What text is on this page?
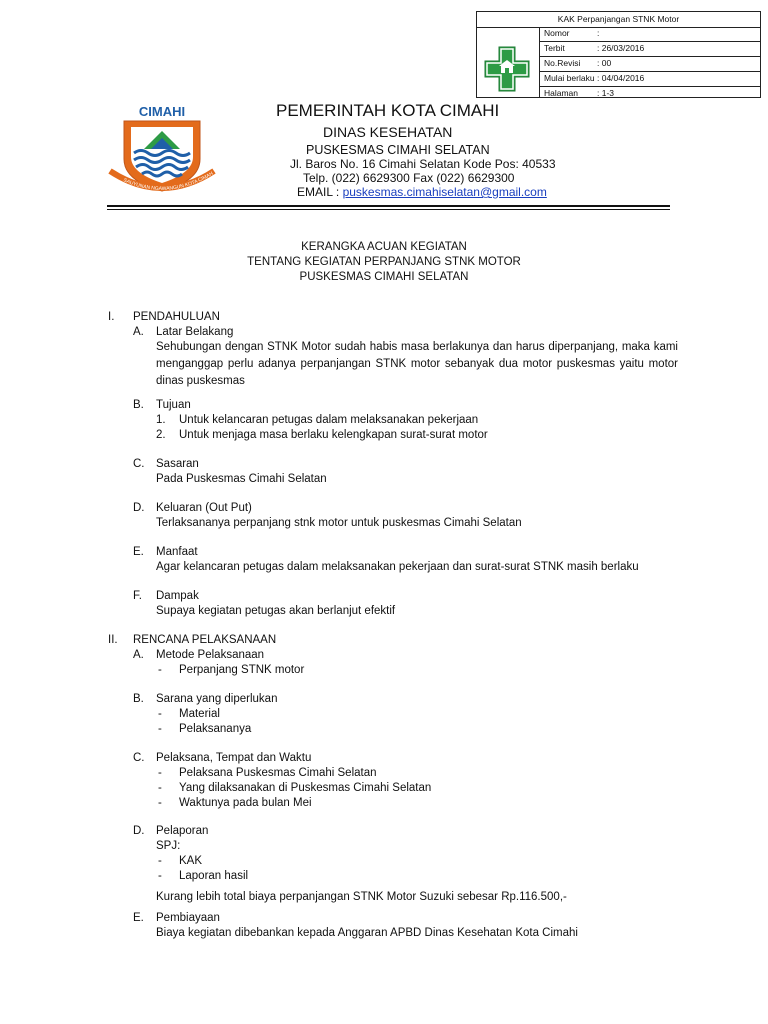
KAK Perpanjangan STNK Motor
Nomor	:
Terbit	: 26/03/2016
No.Revisi : 00
Mulai berlaku : 04/04/2016
Halaman : 1-3
CIMAHI
SAUYUNAN NGAWANGUN KOTA CIMAH
PEMERINTAH KOTA CIMAHI
DINAS KESEHATAN
PUSKESMAS CIMAHI SELATAN
Jl. Baros No. 16 Cimahi Selatan Kode Pos: 40533
Telp. (022) 6629300 Fax (022) 6629300
EMAIL : puskesmas.cimahiselatan@gmail.com
KERANGKA ACUAN KEGIATAN
TENTANG KEGIATAN PERPANJANG STNK MOTOR
PUSKESMAS CIMAHI SELATAN
I. PENDAHULUAN
A. Latar Belakang
Sehubungan dengan STNK Motor sudah habis masa berlakunya dan harus diperpanjang, maka kami menganggap perlu adanya perpanjangan STNK motor sebanyak dua motor puskesmas yaitu motor dinas puskesmas
B. Tujuan
1. Untuk kelancaran petugas dalam melaksanakan pekerjaan
2. Untuk menjaga masa berlaku kelengkapan surat-surat motor
C. Sasaran
Pada Puskesmas Cimahi Selatan
D. Keluaran (Out Put)
Terlaksananya perpanjang stnk motor untuk puskesmas Cimahi Selatan
E. Manfaat
Agar kelancaran petugas dalam melaksanakan pekerjaan dan surat-surat STNK masih berlaku
F. Dampak
Supaya kegiatan petugas akan berlanjut efektif
II. RENCANA PELAKSANAAN
A. Metode Pelaksanaan
- Perpanjang STNK motor
B. Sarana yang diperlukan
- Material
- Pelaksananya
C. Pelaksana, Tempat dan Waktu
- Pelaksana Puskesmas Cimahi Selatan
- Yang dilaksanakan di Puskesmas Cimahi Selatan
- Waktunya pada bulan Mei
D. Pelaporan
SPJ:
- KAK
- Laporan hasil
Kurang lebih total biaya perpanjangan STNK Motor Suzuki sebesar Rp.116.500,-
E. Pembiayaan
Biaya kegiatan dibebankan kepada Anggaran APBD Dinas Kesehatan Kota Cimahi
